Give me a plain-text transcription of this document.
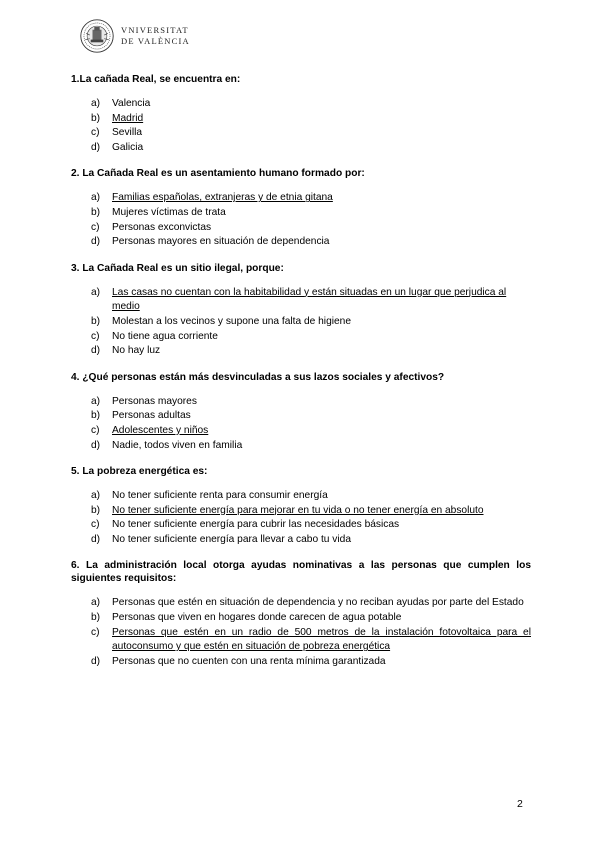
VNIVERSITAT
DE VALÈNCIA
1.La cañada Real, se encuentra en:
a)	Valencia
b)	Madrid
c)	Sevilla
d)	Galicia
2. La Cañada Real es un asentamiento humano formado por:
a)	Familias españolas, extranjeras y de etnia gitana
b)	Mujeres víctimas de trata
c)	Personas exconvictas
d)	Personas mayores en situación de dependencia
3. La Cañada Real es un sitio ilegal, porque:
a)	Las casas no cuentan con la habitabilidad y están situadas en un lugar que perjudica al medio
b)	Molestan a los vecinos y supone una falta de higiene
c)	No tiene agua corriente
d)	No hay luz
4. ¿Qué personas están más desvinculadas a sus lazos sociales y afectivos?
a)	Personas mayores
b)	Personas adultas
c)	Adolescentes y niños
d)	Nadie, todos viven en familia
5. La pobreza energética es:
a)	No tener suficiente renta para consumir energía
b)	No tener suficiente energía para mejorar en tu vida o no tener energía en absoluto
c)	No tener suficiente energía para cubrir las necesidades básicas
d)	No tener suficiente energía para llevar a cabo tu vida
6. La administración local otorga ayudas nominativas a las personas que cumplen los siguientes requisitos:
a)	Personas que estén en situación de dependencia y no reciban ayudas por parte del Estado
b)	Personas que viven en hogares donde carecen de agua potable
c)	Personas que estén en un radio de 500 metros de la instalación fotovoltaica para el autoconsumo y que estén en situación de pobreza energética
d)	Personas que no cuenten con una renta mínima garantizada
2
